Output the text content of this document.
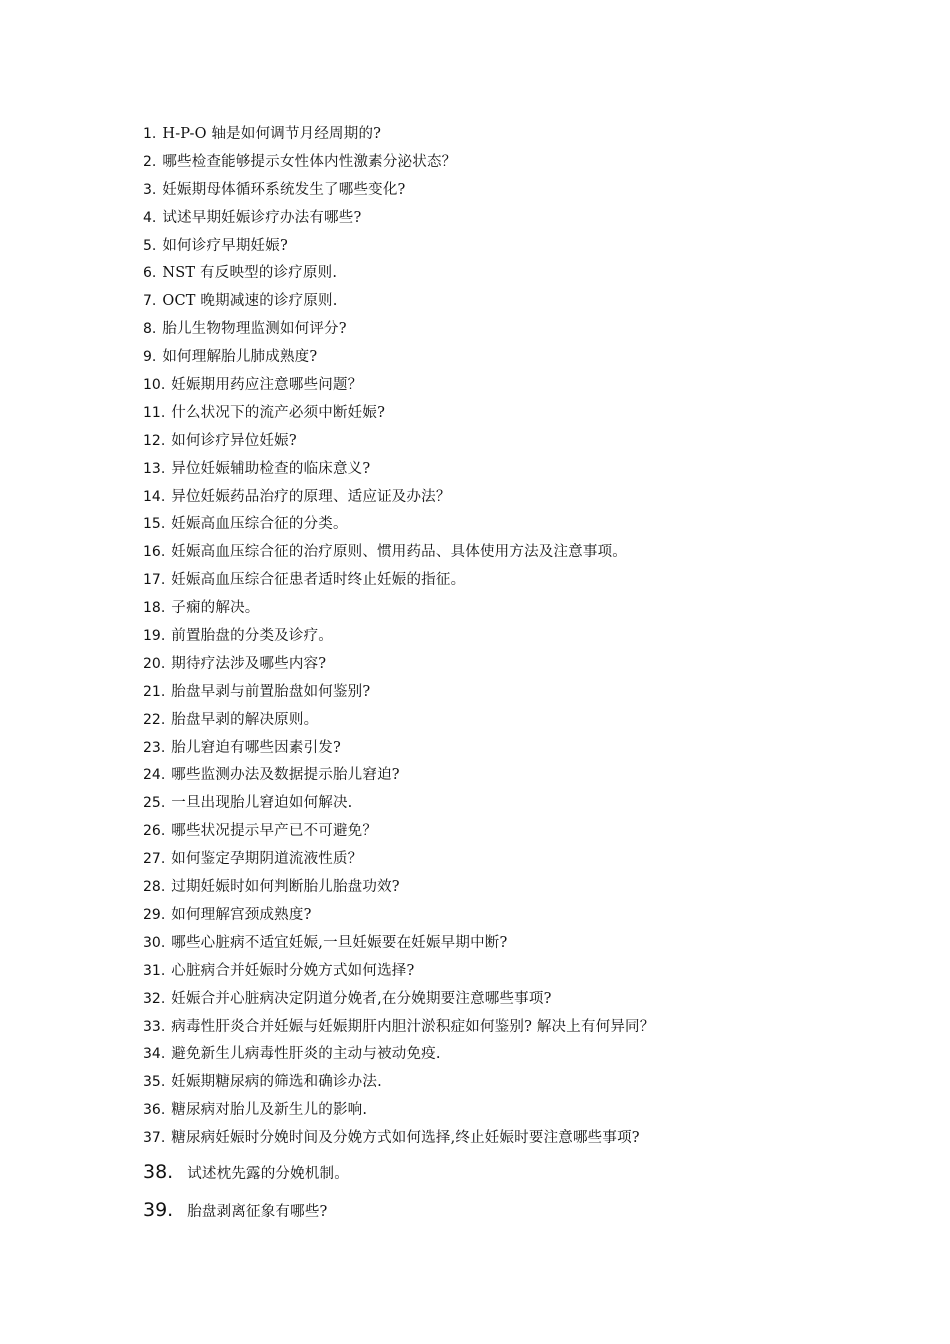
1. H-P-O 轴是如何调节月经周期的?
2. 哪些检查能够提示女性体内性激素分泌状态？
3. 妊娠期母体循环系统发生了哪些变化?
4. 试述早期妊娠诊疗办法有哪些?
5. 如何诊疗早期妊娠?
6. NST 有反映型的诊疗原则.
7. OCT 晚期减速的诊疗原则.
8. 胎儿生物物理监测如何评分?
9. 如何理解胎儿肺成熟度?
10. 妊娠期用药应注意哪些问题？
11. 什么状况下的流产必须中断妊娠?
12. 如何诊疗异位妊娠?
13. 异位妊娠辅助检查的临床意义?
14. 异位妊娠药品治疗的原理、适应证及办法？
15. 妊娠高血压综合征的分类。
16. 妊娠高血压综合征的治疗原则、惯用药品、具体使用方法及注意事项。
17. 妊娠高血压综合征患者适时终止妊娠的指征。
18. 子痫的解决。
19. 前置胎盘的分类及诊疗。
20. 期待疗法涉及哪些内容?
21. 胎盘早剥与前置胎盘如何鉴别?
22. 胎盘早剥的解决原则。
23. 胎儿窘迫有哪些因素引发?
24. 哪些监测办法及数据提示胎儿窘迫?
25. 一旦出现胎儿窘迫如何解决.
26. 哪些状况提示早产已不可避免？
27. 如何鉴定孕期阴道流液性质？
28. 过期妊娠时如何判断胎儿胎盘功效?
29. 如何理解宫颈成熟度?
30. 哪些心脏病不适宜妊娠,一旦妊娠要在妊娠早期中断?
31. 心脏病合并妊娠时分娩方式如何选择?
32. 妊娠合并心脏病决定阴道分娩者,在分娩期要注意哪些事项?
33. 病毒性肝炎合并妊娠与妊娠期肝内胆汁淤积症如何鉴别? 解决上有何异同？
34. 避免新生儿病毒性肝炎的主动与被动免疫.
35. 妊娠期糖尿病的筛选和确诊办法.
36. 糖尿病对胎儿及新生儿的影响.
37. 糖尿病妊娠时分娩时间及分娩方式如何选择,终止妊娠时要注意哪些事项?
38. 试述枕先露的分娩机制。
39. 胎盘剥离征象有哪些?
